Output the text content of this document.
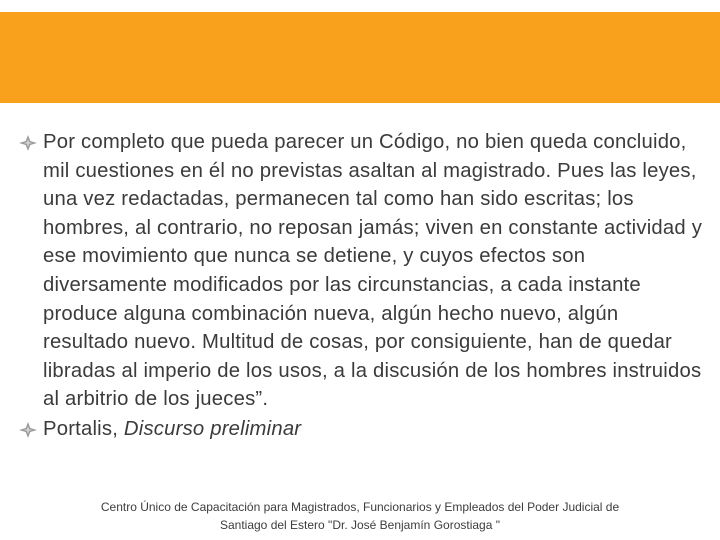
Por completo que pueda parecer un Código, no bien queda concluido, mil cuestiones en él no previstas asaltan al magistrado. Pues las leyes, una vez redactadas, permanecen tal como han sido escritas; los hombres, al contrario, no reposan jamás; viven en constante actividad y ese movimiento que nunca se detiene, y cuyos efectos son diversamente modificados por las circunstancias, a cada instante produce alguna combinación nueva, algún hecho nuevo, algún resultado nuevo. Multitud de cosas, por consiguiente, han de quedar libradas al imperio de los usos, a la discusión de los hombres instruidos al arbitrio de los jueces”.
Portalis, Discurso preliminar
Centro Único de Capacitación para Magistrados, Funcionarios y Empleados del Poder Judicial de
Santiago del Estero "Dr. José Benjamín Gorostiaga "
